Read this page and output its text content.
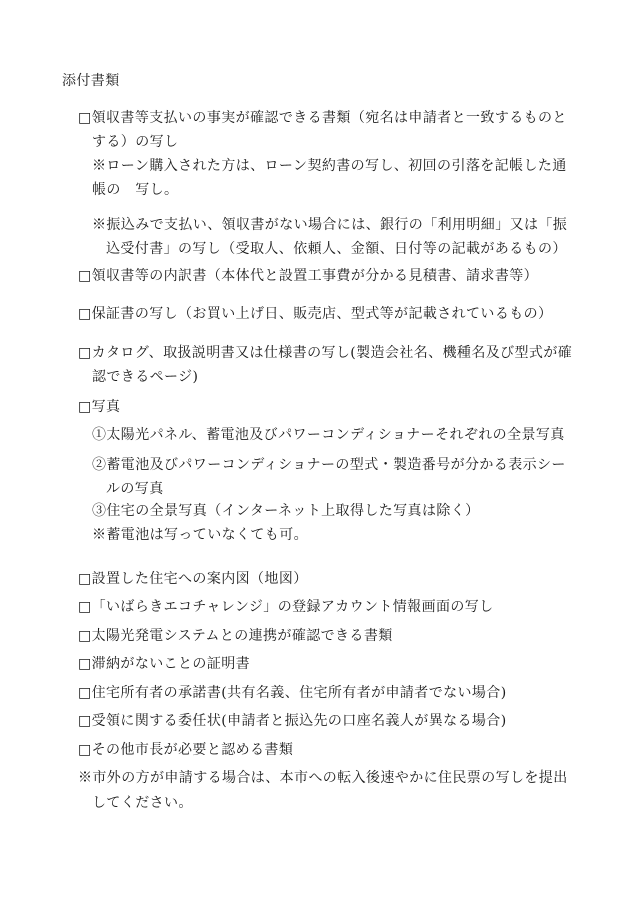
添付書類
□領収書等支払いの事実が確認できる書類（宛名は申請者と一致するものと
する）の写し
※ローン購入された方は、ローン契約書の写し、初回の引落を記帳した通
帳の　写し。
※振込みで支払い、領収書がない場合には、銀行の「利用明細」又は「振
込受付書」の写し（受取人、依頼人、金額、日付等の記載があるもの）
□領収書等の内訳書（本体代と設置工事費が分かる見積書、請求書等）
□保証書の写し（お買い上げ日、販売店、型式等が記載されているもの）
□カタログ、取扱説明書又は仕様書の写し(製造会社名、機種名及び型式が確
認できるページ)
□写真
①太陽光パネル、蓄電池及びパワーコンディショナーそれぞれの全景写真
②蓄電池及びパワーコンディショナーの型式・製造番号が分かる表示シー
ルの写真
③住宅の全景写真（インターネット上取得した写真は除く）
※蓄電池は写っていなくても可。
□設置した住宅への案内図（地図）
□「いばらきエコチャレンジ」の登録アカウント情報画面の写し
□太陽光発電システムとの連携が確認できる書類
□滞納がないことの証明書
□住宅所有者の承諾書(共有名義、住宅所有者が申請者でない場合)
□受領に関する委任状(申請者と振込先の口座名義人が異なる場合)
□その他市長が必要と認める書類
※市外の方が申請する場合は、本市への転入後速やかに住民票の写しを提出
してください。
